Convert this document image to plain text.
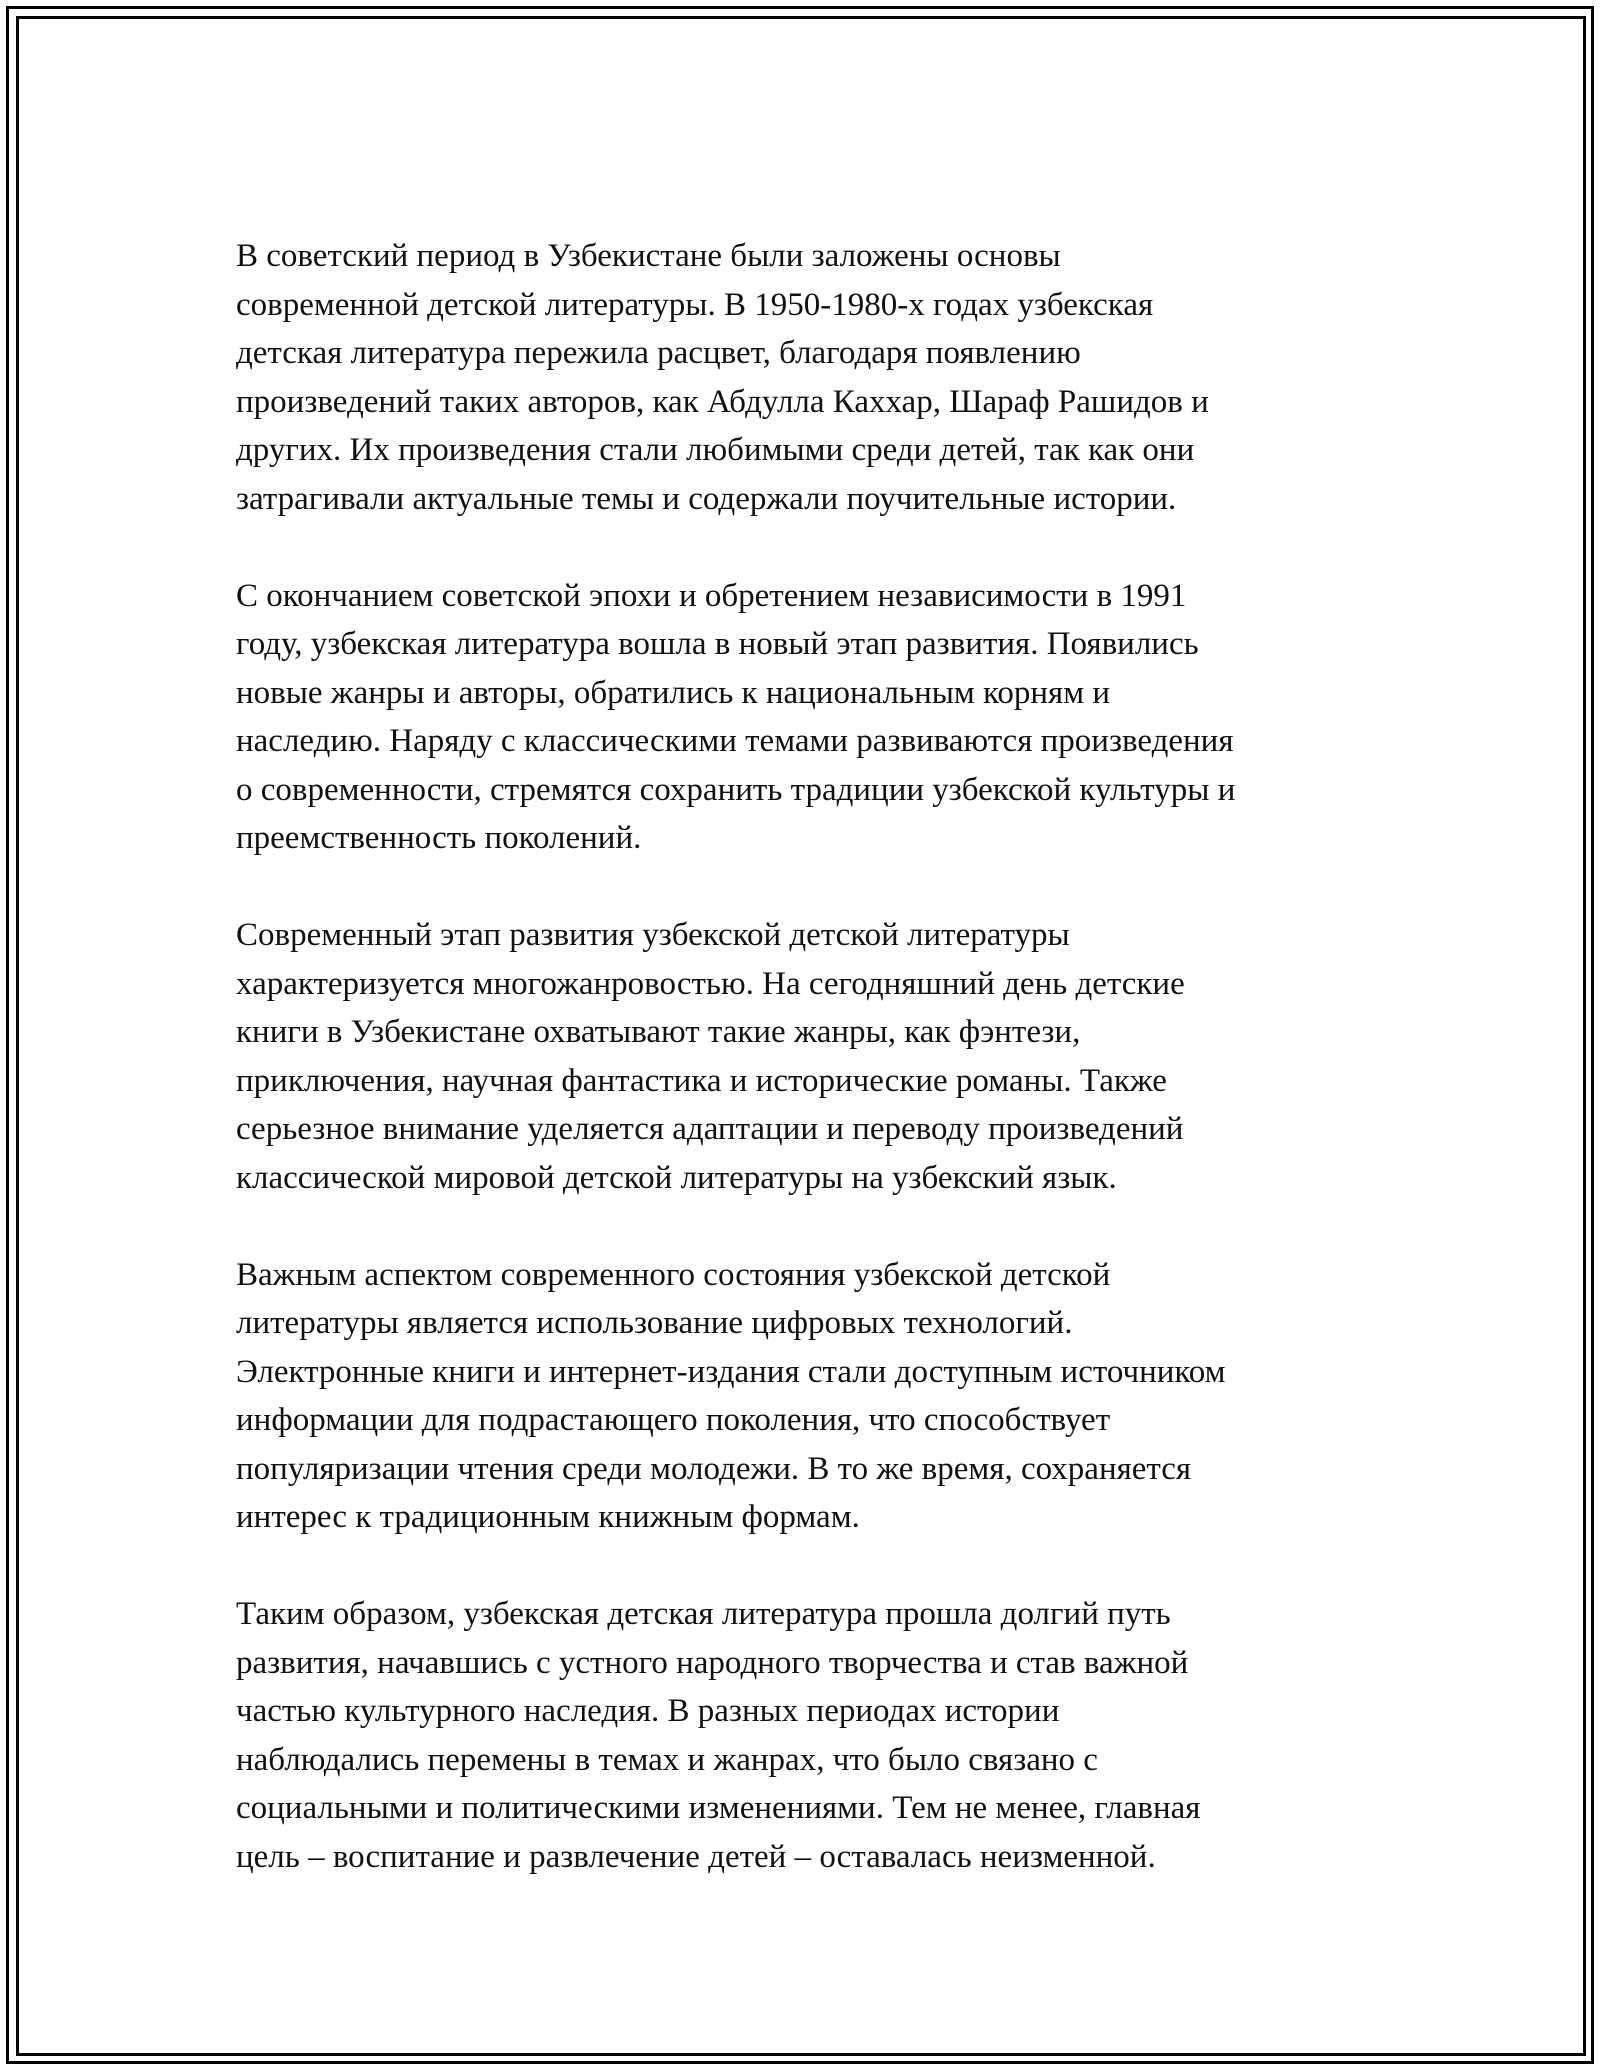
В советский период в Узбекистане были заложены основы
современной детской литературы. В 1950-1980-х годах узбекская
детская литература пережила расцвет, благодаря появлению
произведений таких авторов, как Абдулла Каххар, Шараф Рашидов и
других. Их произведения стали любимыми среди детей, так как они
затрагивали актуальные темы и содержали поучительные истории.

С окончанием советской эпохи и обретением независимости в 1991
году, узбекская литература вошла в новый этап развития. Появились
новые жанры и авторы, обратились к национальным корням и
наследию. Наряду с классическими темами развиваются произведения
о современности, стремятся сохранить традиции узбекской культуры и
преемственность поколений.

Современный этап развития узбекской детской литературы
характеризуется многожанровостью. На сегодняшний день детские
книги в Узбекистане охватывают такие жанры, как фэнтези,
приключения, научная фантастика и исторические романы. Также
серьезное внимание уделяется адаптации и переводу произведений
классической мировой детской литературы на узбекский язык.

Важным аспектом современного состояния узбекской детской
литературы является использование цифровых технологий.
Электронные книги и интернет-издания стали доступным источником
информации для подрастающего поколения, что способствует
популяризации чтения среди молодежи. В то же время, сохраняется
интерес к традиционным книжным формам.

Таким образом, узбекская детская литература прошла долгий путь
развития, начавшись с устного народного творчества и став важной
частью культурного наследия. В разных периодах истории
наблюдались перемены в темах и жанрах, что было связано с
социальными и политическими изменениями. Тем не менее, главная
цель – воспитание и развлечение детей – оставалась неизменной.
